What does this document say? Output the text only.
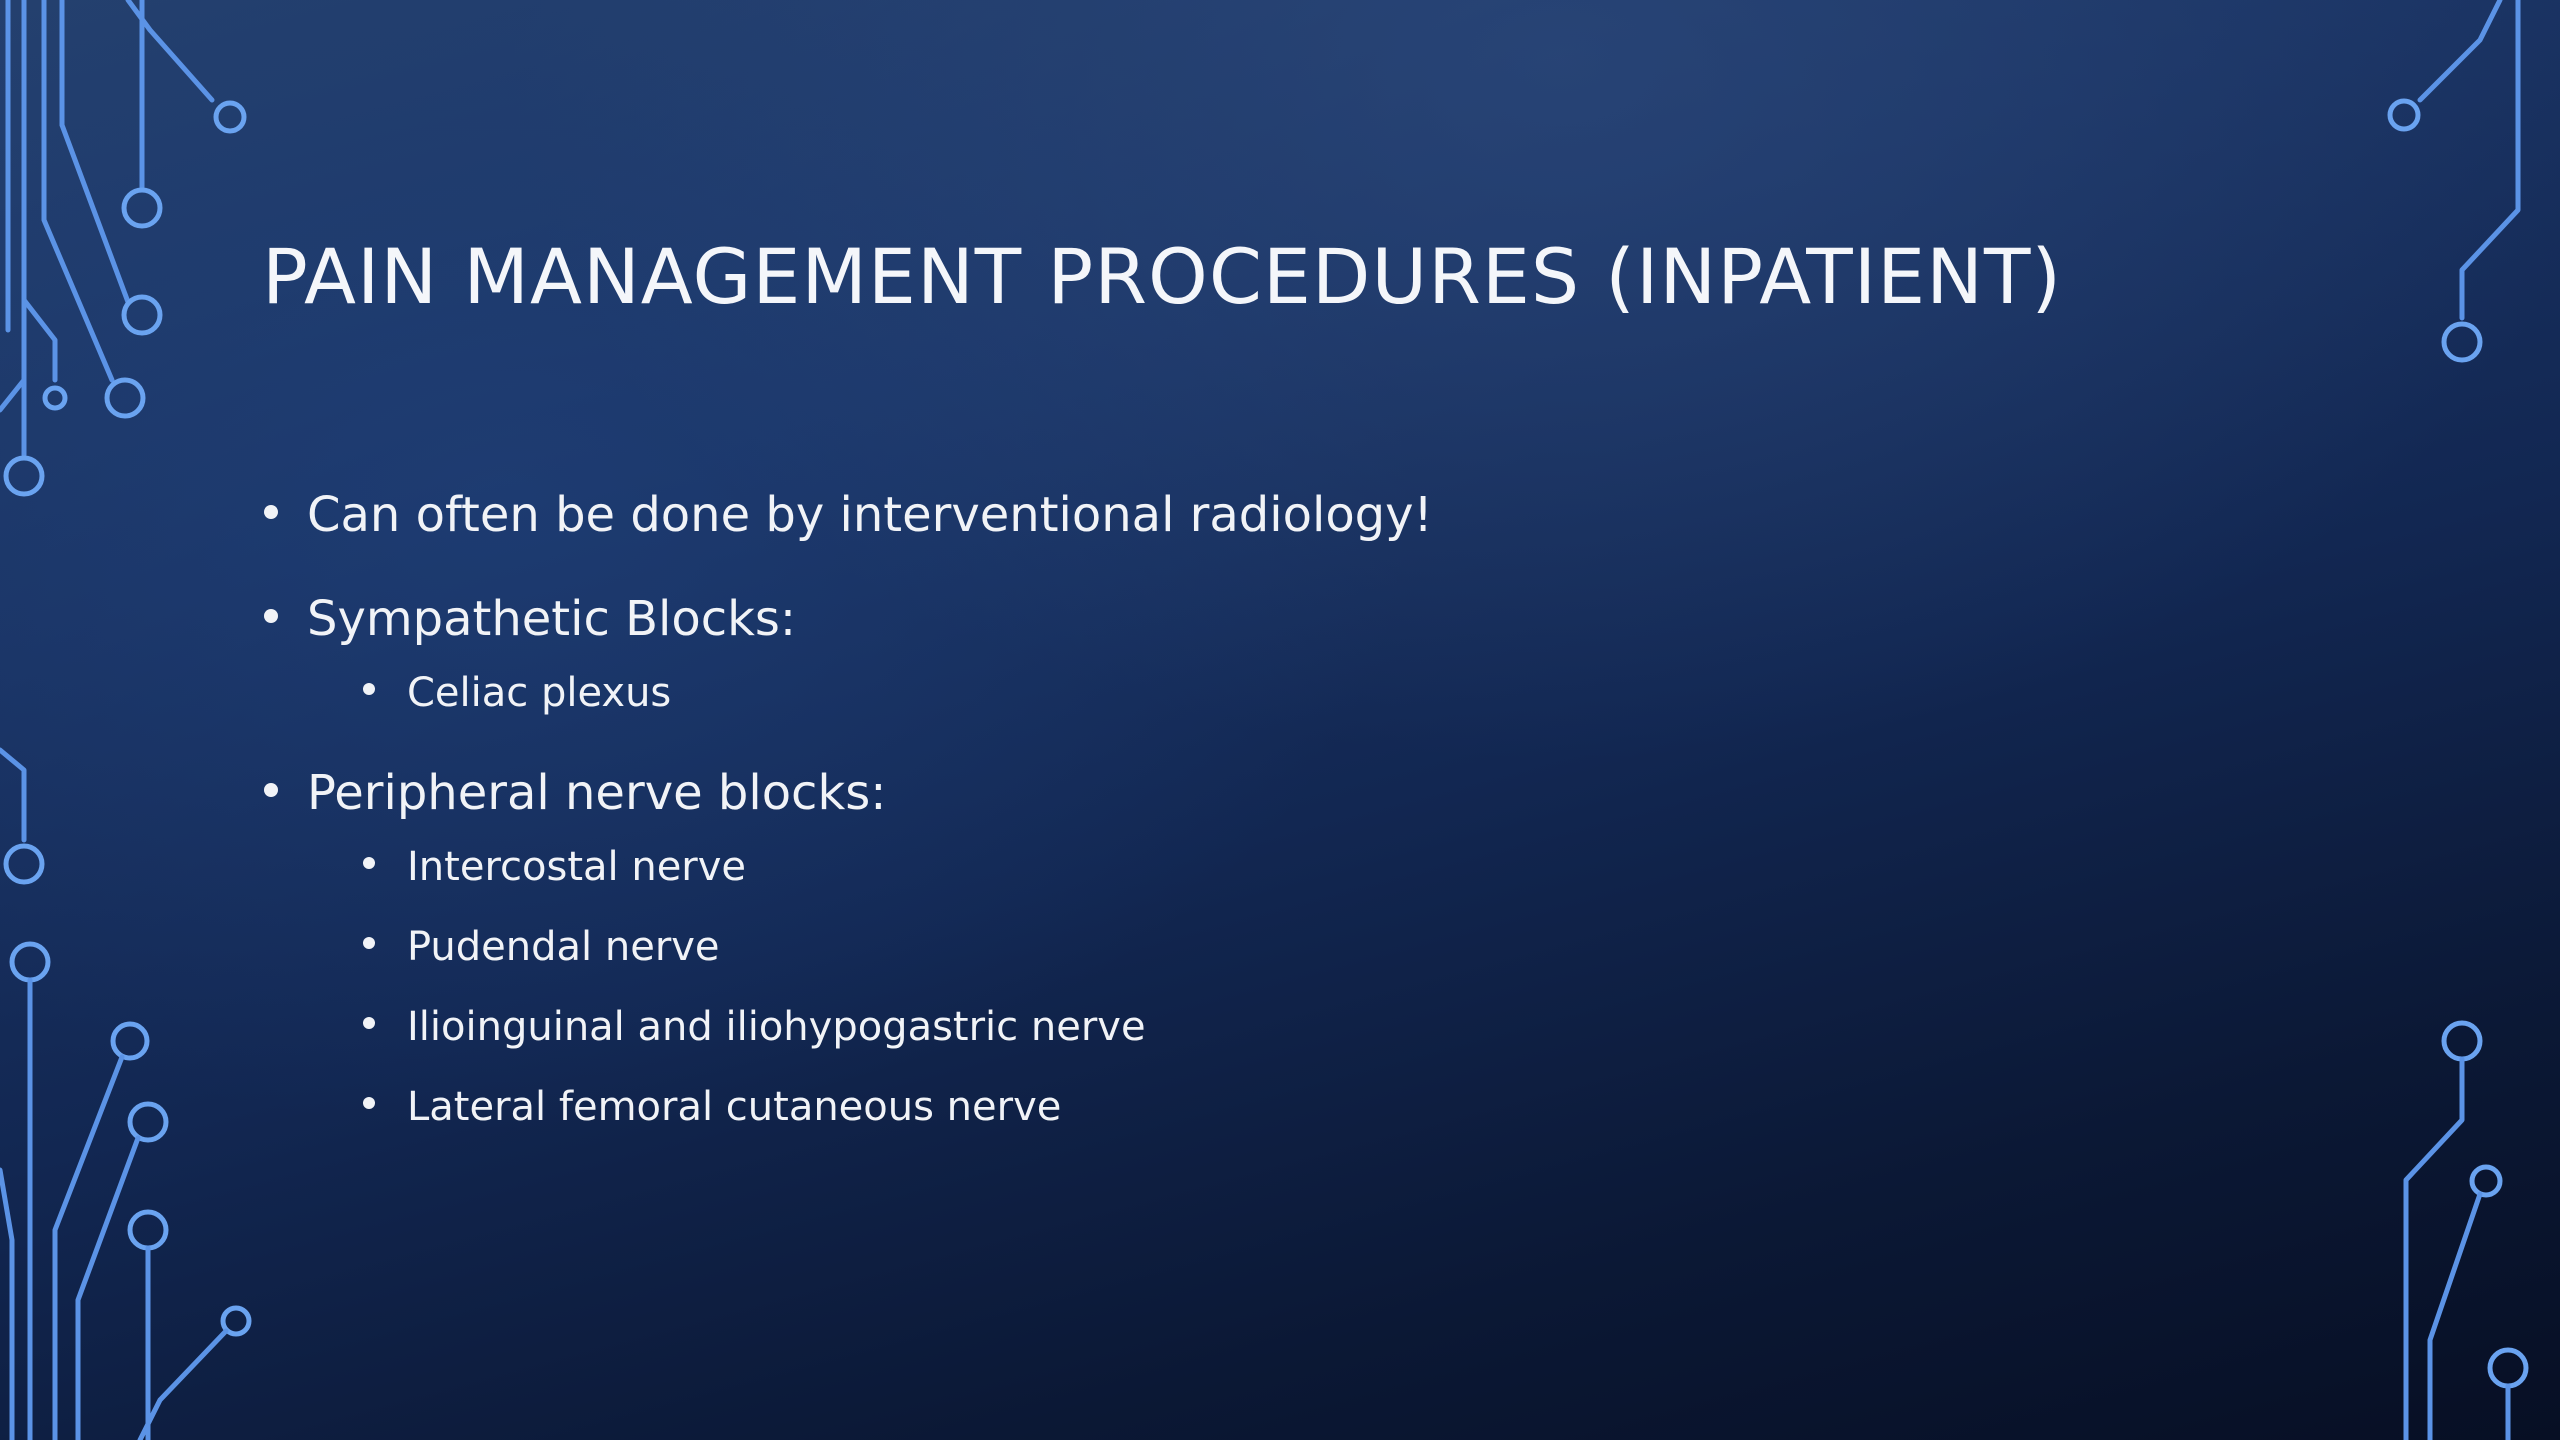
PAIN MANAGEMENT PROCEDURES (INPATIENT)
Can often be done by interventional radiology!
Sympathetic Blocks:
Celiac plexus
Peripheral nerve blocks:
Intercostal nerve
Pudendal nerve
Ilioinguinal and iliohypogastric nerve
Lateral femoral cutaneous nerve
